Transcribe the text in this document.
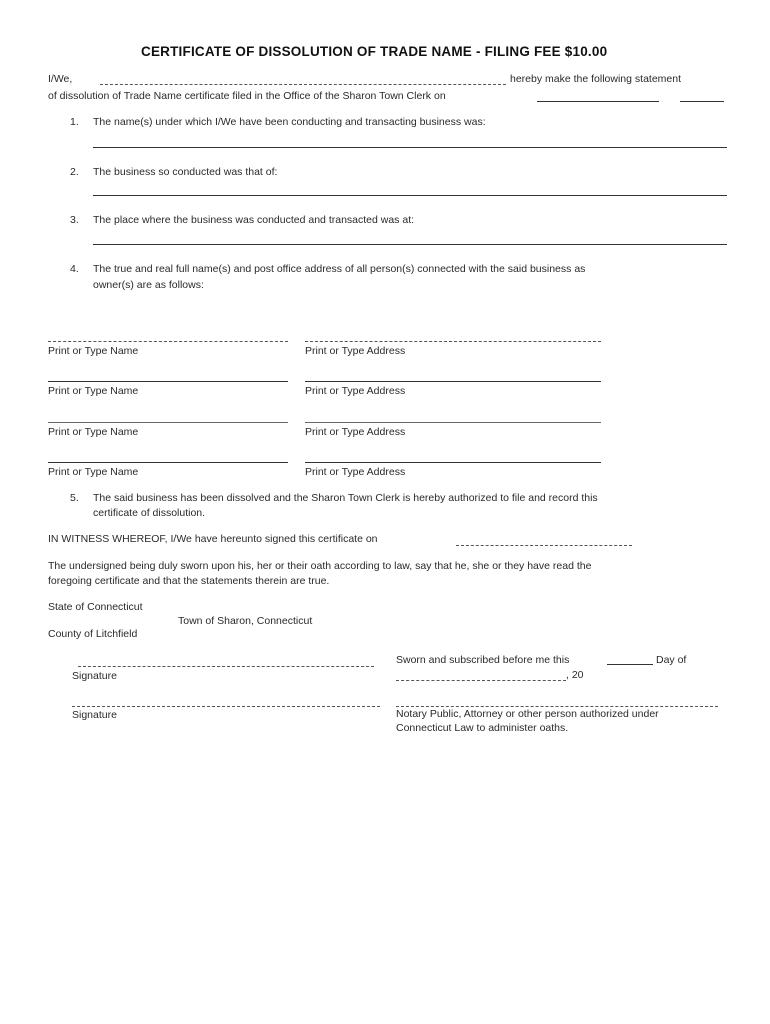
CERTIFICATE OF DISSOLUTION OF TRADE NAME - FILING FEE $10.00
I/We,	hereby make the following statement
of dissolution of Trade Name certificate filed in the Office of the Sharon Town Clerk on
1. The name(s) under which I/We have been conducting and transacting business was:
2. The business so conducted was that of:
3. The place where the business was conducted and transacted was at:
4. The true and real full name(s) and post office address of all person(s) connected with the said business as
owner(s) are as follows:
Print or Type Name	Print or Type Address
Print or Type Name	Print or Type Address
Print or Type Name	Print or Type Address
Print or Type Name	Print or Type Address
5. The said business has been dissolved and the Sharon Town Clerk is hereby authorized to file and record this
certificate of dissolution.
IN WITNESS WHEREOF, I/We have hereunto signed this certificate on
The undersigned being duly sworn upon his, her or their oath according to law, say that he, she or they have read the
foregoing certificate and that the statements therein are true.
State of Connecticut
Town of Sharon, Connecticut
County of Litchfield
Signature
Sworn and subscribed before me this	Day of
, 20
Signature	Notary Public, Attorney or other person authorized under
Connecticut Law to administer oaths.
